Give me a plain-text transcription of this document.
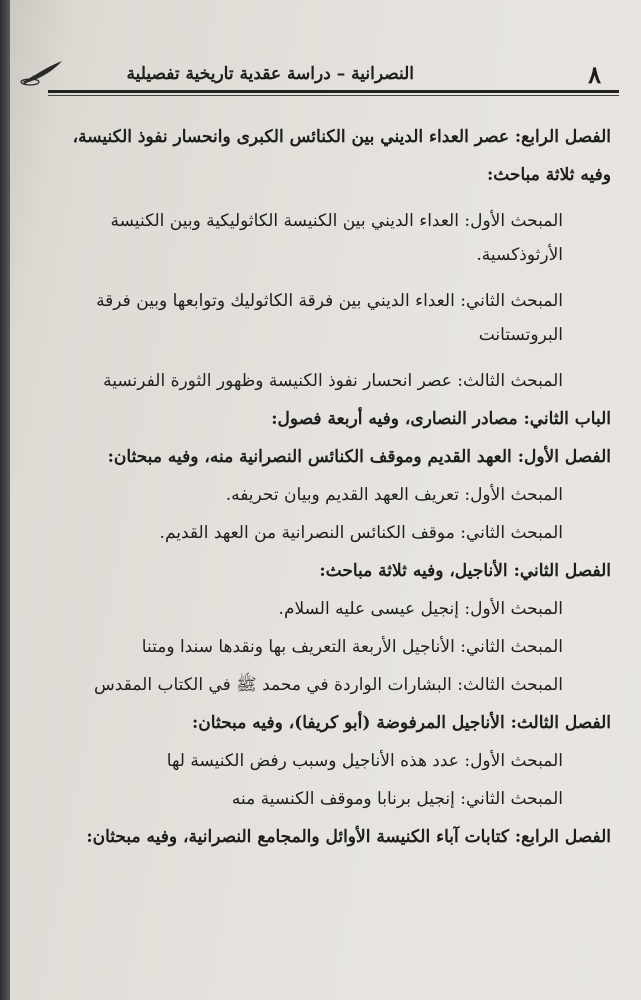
٨
النصرانية – دراسة عقدية تاريخية تفصيلية
الفصل الرابع: عصر العداء الديني بين الكنائس الكبرى وانحسار نفوذ الكنيسة،
وفيه ثلاثة مباحث:
المبحث الأول: العداء الديني بين الكنيسة الكاثوليكية وبين الكنيسة
الأرثوذكسية.
المبحث الثاني: العداء الديني بين فرقة الكاثوليك وتوابعها وبين فرقة
البروتستانت
المبحث الثالث: عصر انحسار نفوذ الكنيسة وظهور الثورة الفرنسية
الباب الثاني: مصادر النصارى، وفيه أربعة فصول:
الفصل الأول: العهد القديم وموقف الكنائس النصرانية منه، وفيه مبحثان:
المبحث الأول: تعريف العهد القديم وبيان تحريفه.
المبحث الثاني: موقف الكنائس النصرانية من العهد القديم.
الفصل الثاني: الأناجيل، وفيه ثلاثة مباحث:
المبحث الأول: إنجيل عيسى عليه السلام.
المبحث الثاني: الأناجيل الأربعة التعريف بها ونقدها سندا ومتنا
المبحث الثالث: البشارات الواردة في محمد ﷺ في الكتاب المقدس
الفصل الثالث: الأناجيل المرفوضة (أبو كريفا)، وفيه مبحثان:
المبحث الأول: عدد هذه الأناجيل وسبب رفض الكنيسة لها
المبحث الثاني: إنجيل برنابا وموقف الكنسية منه
الفصل الرابع: كتابات آباء الكنيسة الأوائل والمجامع النصرانية، وفيه مبحثان:
